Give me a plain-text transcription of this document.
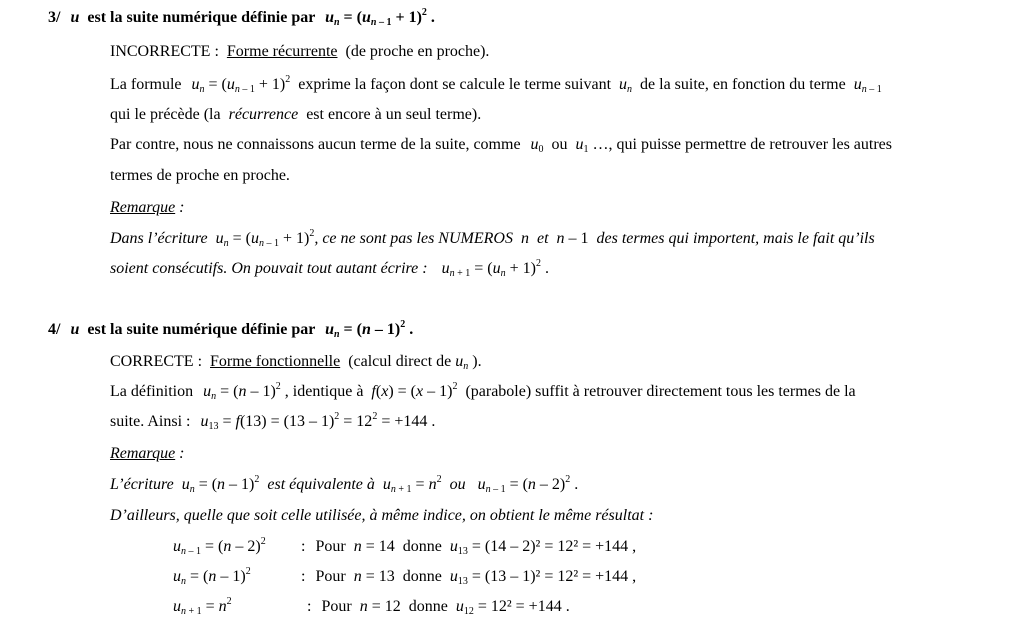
3/ u est la suite numérique définie par $u_n = (u_{n - 1} + 1)^2$ .
INCORRECTE : Forme récurrente (de proche en proche).
La formule $u_n = (u_{n - 1} + 1)^2$ exprime la façon dont se calcule le terme suivant $u_n$ de la suite, en fonction du terme $u_{n - 1}$
qui le précède (la récurrence est encore à un seul terme).
Par contre, nous ne connaissons aucun terme de la suite, comme $u_0$ ou $u_1$ …, qui puisse permettre de retrouver les autres
termes de proche en proche.
Remarque :
Dans l’écriture $u_n = (u_{n - 1} + 1)^2$, ce ne sont pas les NUMEROS n et n – 1 des termes qui importent, mais le fait qu’ils
soient consécutifs. On pouvait tout autant écrire : $u_{n + 1} = (u_n + 1)^2$ .
4/ u est la suite numérique définie par $u_n = (n - 1)^2$ .
CORRECTE : Forme fonctionnelle (calcul direct de $u_n$ ).
La définition $u_n = (n - 1)^2$ , identique à f(x) = (x – 1)$^2$ (parabole) suffit à retrouver directement tous les termes de la
suite. Ainsi : $u_{13} = f(13) = (13 - 1)^2 = 12^2 = +144$ .
Remarque :
L’écriture $u_n = (n - 1)^2$ est équivalente à $u_{n + 1} = n^2$ ou $u_{n - 1} = (n - 2)^2$ .
D’ailleurs, quelle que soit celle utilisée, à même indice, on obtient le même résultat :
$u_{n - 1} = (n - 2)^2$ : Pour n = 14 donne $u_{13} = (14 - 2)^2 = 12^2 = +144$ ,
$u_n = (n - 1)^2$	: Pour n = 13 donne $u_{13} = (13 - 1)^2 = 12^2 = +144$ ,
$u_{n + 1} = n^2$	: Pour n = 12 donne $u_{12} = 12^2 = +144$ .
